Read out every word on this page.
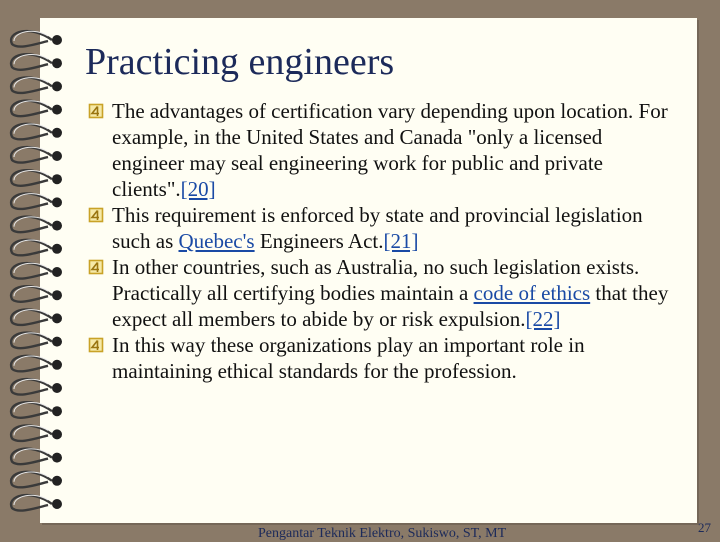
Practicing engineers
The advantages of certification vary depending upon location. For example, in the United States and Canada "only a licensed engineer may seal engineering work for public and private clients".[20]
This requirement is enforced by state and provincial legislation such as Quebec's Engineers Act.[21]
In other countries, such as Australia, no such legislation exists. Practically all certifying bodies maintain a code of ethics that they expect all members to abide by or risk expulsion.[22]
In this way these organizations play an important role in maintaining ethical standards for the profession.
Pengantar Teknik Elektro, Sukiswo, ST, MT	27
